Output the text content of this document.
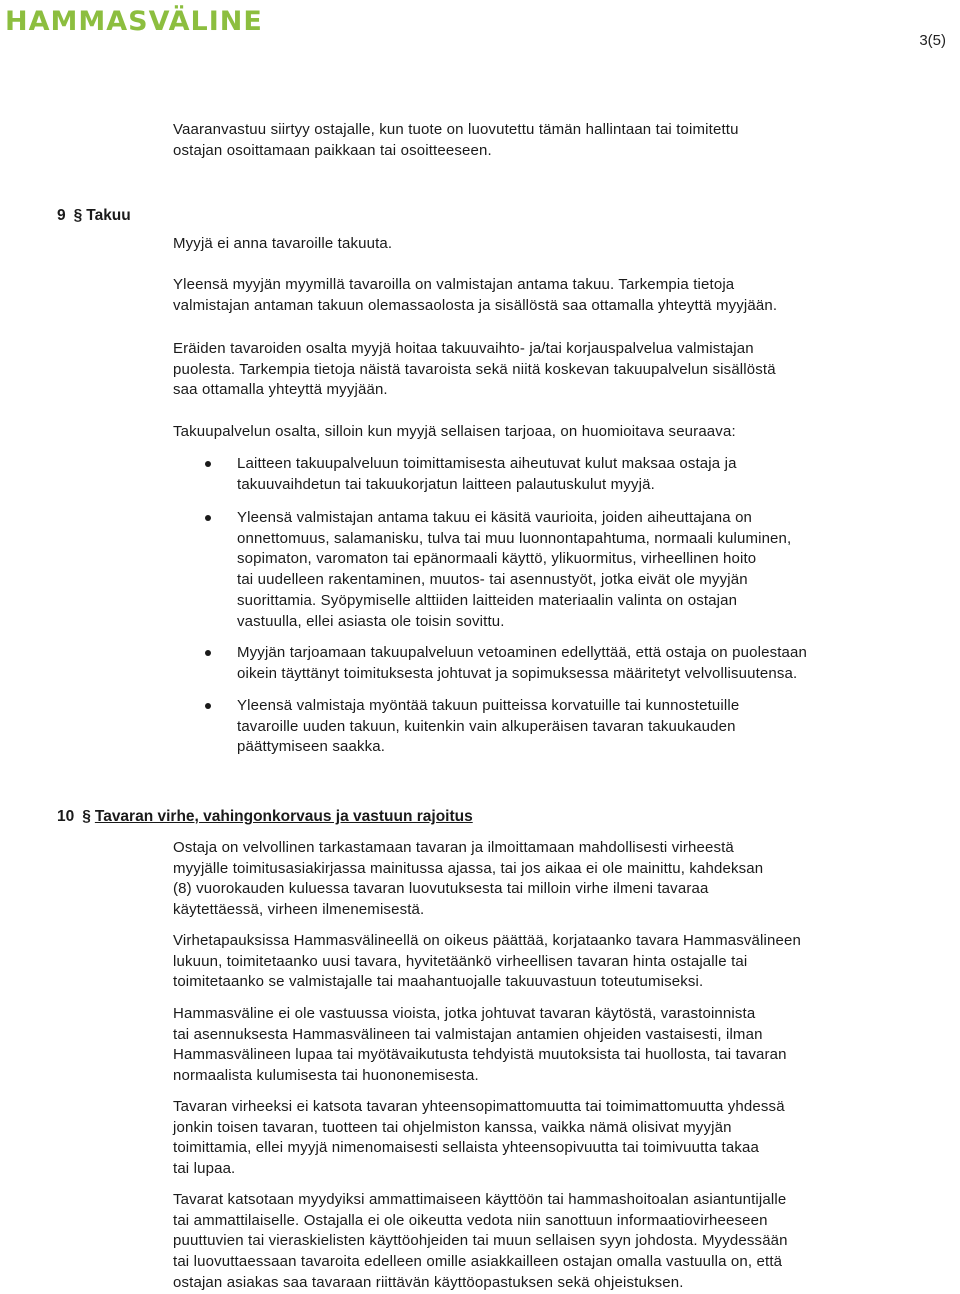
HAMMASVÄLINE
3(5)

Vaaranvastuu siirtyy ostajalle, kun tuote on luovutettu tämän hallintaan tai toimitettu
ostajan osoittamaan paikkaan tai osoitteeseen.

9 § Takuu

Myyjä ei anna tavaroille takuuta.

Yleensä myyjän myymillä tavaroilla on valmistajan antama takuu. Tarkempia tietoja
valmistajan antaman takuun olemassaolosta ja sisällöstä saa ottamalla yhteyttä myyjään.

Eräiden tavaroiden osalta myyjä hoitaa takuuvaihto- ja/tai korjauspalvelua valmistajan
puolesta. Tarkempia tietoja näistä tavaroista sekä niitä koskevan takuupalvelun sisällöstä
saa ottamalla yhteyttä myyjään.

Takuupalvelun osalta, silloin kun myyjä sellaisen tarjoaa, on huomioitava seuraava:

Laitteen takuupalveluun toimittamisesta aiheutuvat kulut maksaa ostaja ja
takuuvaihdetun tai takuukorjatun laitteen palautuskulut myyjä.
Yleensä valmistajan antama takuu ei käsitä vaurioita, joiden aiheuttajana on
onnettomuus, salamanisku, tulva tai muu luonnontapahtuma, normaali kuluminen,
sopimaton, varomaton tai epänormaali käyttö, ylikuormitus, virheellinen hoito
tai uudelleen rakentaminen, muutos- tai asennustyöt, jotka eivät ole myyjän
suorittamia. Syöpymiselle alttiiden laitteiden materiaalin valinta on ostajan
vastuulla, ellei asiasta ole toisin sovittu.
Myyjän tarjoamaan takuupalveluun vetoaminen edellyttää, että ostaja on puolestaan
oikein täyttänyt toimituksesta johtuvat ja sopimuksessa määritetyt velvollisuutensa.
Yleensä valmistaja myöntää takuun puitteissa korvatuille tai kunnostetuille
tavaroille uuden takuun, kuitenkin vain alkuperäisen tavaran takuukauden
päättymiseen saakka.
10 § Tavaran virhe, vahingonkorvaus ja vastuun rajoitus

Ostaja on velvollinen tarkastamaan tavaran ja ilmoittamaan mahdollisesti virheestä
myyjälle toimitusasiakirjassa mainitussa ajassa, tai jos aikaa ei ole mainittu, kahdeksan
(8) vuorokauden kuluessa tavaran luovutuksesta tai milloin virhe ilmeni tavaraa
käytettäessä, virheen ilmenemisestä.

Virhetapauksissa Hammasvälineellä on oikeus päättää, korjataanko tavara Hammasvälineen
lukuun, toimitetaanko uusi tavara, hyvitetäänkö virheellisen tavaran hinta ostajalle tai
toimitetaanko se valmistajalle tai maahantuojalle takuuvastuun toteutumiseksi.

Hammasväline ei ole vastuussa vioista, jotka johtuvat tavaran käytöstä, varastoinnista
tai asennuksesta Hammasvälineen tai valmistajan antamien ohjeiden vastaisesti, ilman
Hammasvälineen lupaa tai myötävaikutusta tehdyistä muutoksista tai huollosta, tai tavaran
normaalista kulumisesta tai huononemisesta.

Tavaran virheeksi ei katsota tavaran yhteensopimattomuutta tai toimimattomuutta yhdessä
jonkin toisen tavaran, tuotteen tai ohjelmiston kanssa, vaikka nämä olisivat myyjän
toimittamia, ellei myyjä nimenomaisesti sellaista yhteensopivuutta tai toimivuutta takaa
tai lupaa.

Tavarat katsotaan myydyiksi ammattimaiseen käyttöön tai hammashoitoalan asiantuntijalle
tai ammattilaiselle. Ostajalla ei ole oikeutta vedota niin sanottuun informaatiovirheeseen
puuttuvien tai vieraskielisten käyttöohjeiden tai muun sellaisen syyn johdosta. Myydessään
tai luovuttaessaan tavaroita edelleen omille asiakkailleen ostajan omalla vastuulla on, että
ostajan asiakas saa tavaraan riittävän käyttöopastuksen sekä ohjeistuksen.
